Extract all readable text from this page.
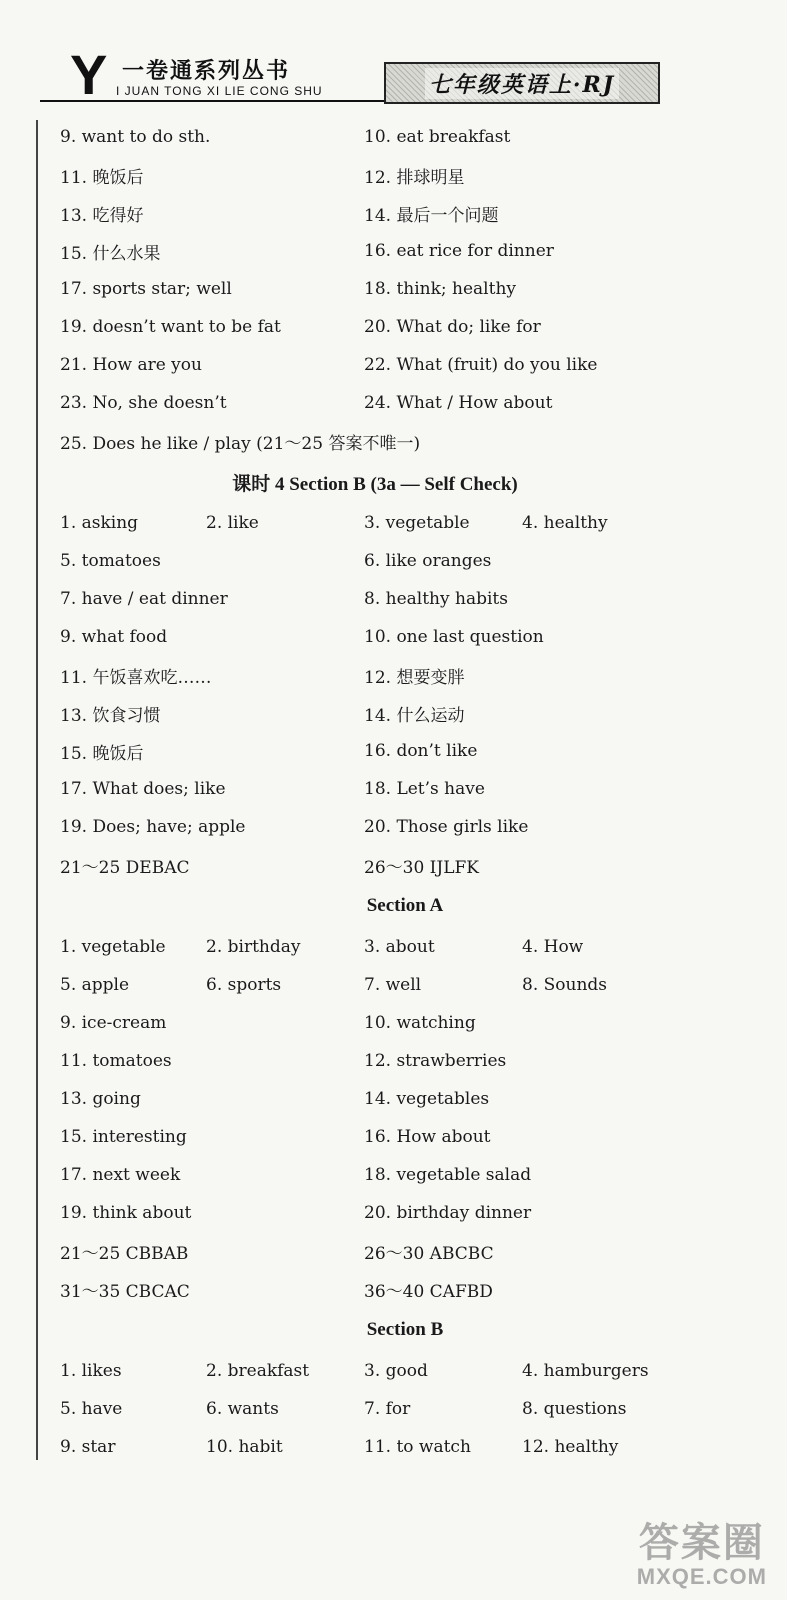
Y 一卷通系列丛书
I JUAN TONG XI LIE CONG SHU	七年级英语上·RJ
9. want to do sth.	10. eat breakfast
11. 晚饭后	12. 排球明星
13. 吃得好	14. 最后一个问题
15. 什么水果	16. eat rice for dinner
17. sports star; well	18. think; healthy
19. doesn’t want to be fat	20. What do; like for
21. How are you	22. What (fruit) do you like
23. No, she doesn’t	24. What / How about
25. Does he like / play (21～25 答案不唯一)
课时 4 Section B (3a — Self Check)
1. asking	2. like	3. vegetable	4. healthy
5. tomatoes	6. like oranges
7. have / eat dinner	8. healthy habits
9. what food	10. one last question
11. 午饭喜欢吃……	12. 想要变胖
13. 饮食习惯	14. 什么运动
15. 晚饭后	16. don’t like
17. What does; like	18. Let’s have
19. Does; have; apple	20. Those girls like
21～25 DEBAC	26～30 IJLFK
Section A
1. vegetable	2. birthday	3. about	4. How
5. apple	6. sports	7. well	8. Sounds
9. ice-cream	10. watching
11. tomatoes	12. strawberries
13. going	14. vegetables
15. interesting	16. How about
17. next week	18. vegetable salad
19. think about	20. birthday dinner
21～25 CBBAB	26～30 ABCBC
31～35 CBCAC	36～40 CAFBD
Section B
1. likes	2. breakfast	3. good	4. hamburgers
5. have	6. wants	7. for	8. questions
9. star	10. habit	11. to watch	12. healthy
答案圈
MXQE.COM
